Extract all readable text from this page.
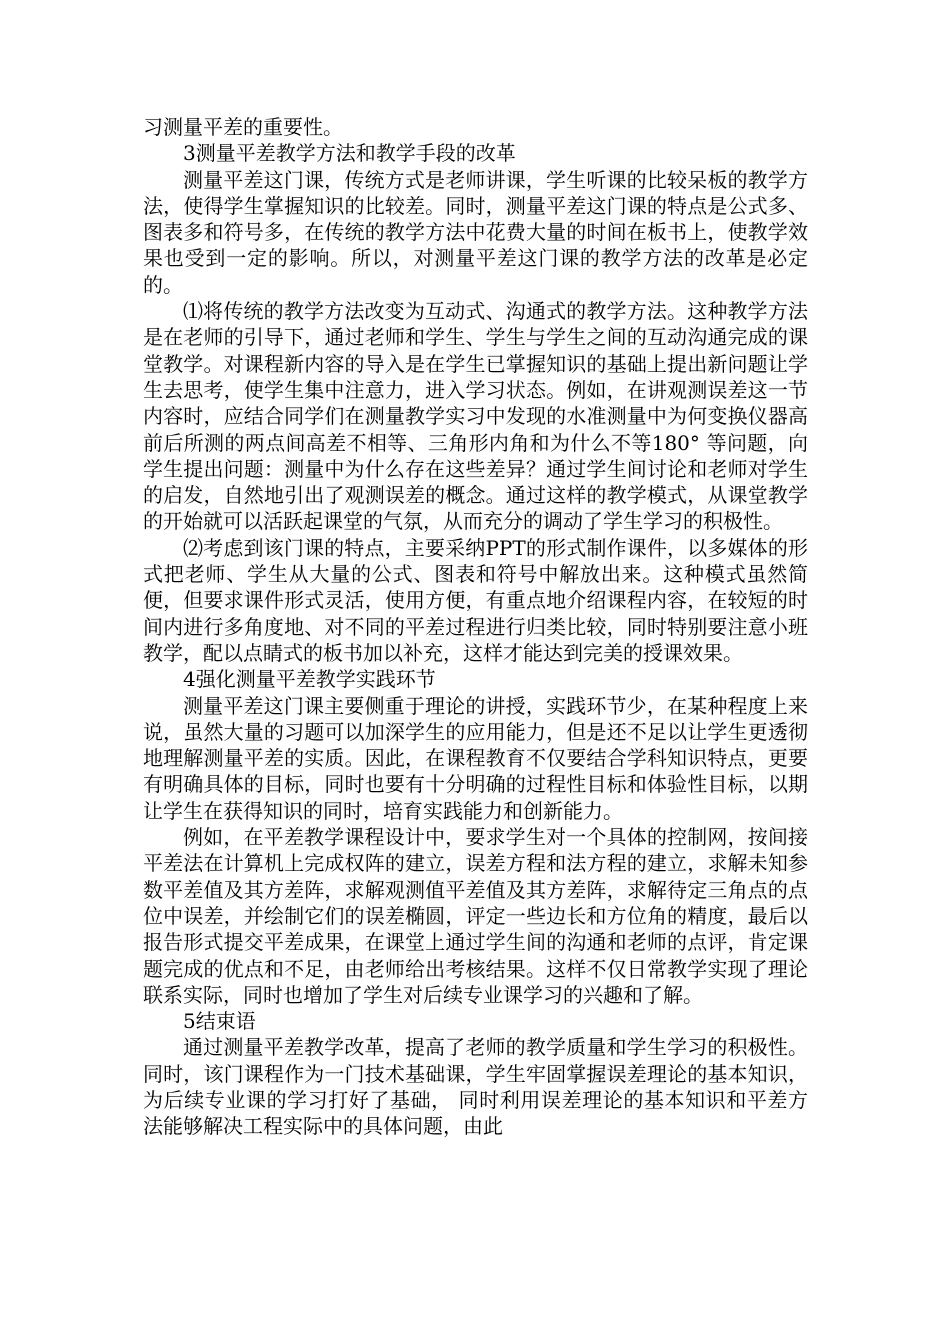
习测量平差的重要性。

3测量平差教学方法和教学手段的改革

测量平差这门课，传统方式是老师讲课，学生听课的比较呆板的教学方法，使得学生掌握知识的比较差。同时，测量平差这门课的特点是公式多、图表多和符号多，在传统的教学方法中花费大量的时间在板书上，使教学效果也受到一定的影响。所以，对测量平差这门课的教学方法的改革是必定的。

⑴将传统的教学方法改变为互动式、沟通式的教学方法。这种教学方法是在老师的引导下，通过老师和学生、学生与学生之间的互动沟通完成的课堂教学。对课程新内容的导入是在学生已掌握知识的基础上提出新问题让学生去思考，使学生集中注意力，进入学习状态。例如，在讲观测误差这一节内容时，应结合同学们在测量教学实习中发现的水准测量中为何变换仪器高前后所测的两点间高差不相等、三角形内角和为什么不等180° 等问题，向学生提出问题：测量中为什么存在这些差异？通过学生间讨论和老师对学生的启发，自然地引出了观测误差的概念。通过这样的教学模式，从课堂教学的开始就可以活跃起课堂的气氛，从而充分的调动了学生学习的积极性。

⑵考虑到该门课的特点，主要采纳PPT的形式制作课件，以多媒体的形式把老师、学生从大量的公式、图表和符号中解放出来。这种模式虽然简便，但要求课件形式灵活，使用方便，有重点地介绍课程内容，在较短的时间内进行多角度地、对不同的平差过程进行归类比较，同时特别要注意小班教学，配以点睛式的板书加以补充，这样才能达到完美的授课效果。

4强化测量平差教学实践环节

测量平差这门课主要侧重于理论的讲授，实践环节少，在某种程度上来说，虽然大量的习题可以加深学生的应用能力，但是还不足以让学生更透彻地理解测量平差的实质。因此，在课程教育不仅要结合学科知识特点，更要有明确具体的目标，同时也要有十分明确的过程性目标和体验性目标，以期让学生在获得知识的同时，培育实践能力和创新能力。

例如，在平差教学课程设计中，要求学生对一个具体的控制网，按间接平差法在计算机上完成权阵的建立，误差方程和法方程的建立，求解未知参数平差值及其方差阵，求解观测值平差值及其方差阵，求解待定三角点的点位中误差，并绘制它们的误差椭圆，评定一些边长和方位角的精度，最后以报告形式提交平差成果，在课堂上通过学生间的沟通和老师的点评，肯定课题完成的优点和不足，由老师给出考核结果。这样不仅日常教学实现了理论联系实际，同时也增加了学生对后续专业课学习的兴趣和了解。

5结束语

通过测量平差教学改革，提高了老师的教学质量和学生学习的积极性。同时，该门课程作为一门技术基础课，学生牢固掌握误差理论的基本知识，为后续专业课的学习打好了基础， 同时利用误差理论的基本知识和平差方法能够解决工程实际中的具体问题，由此
